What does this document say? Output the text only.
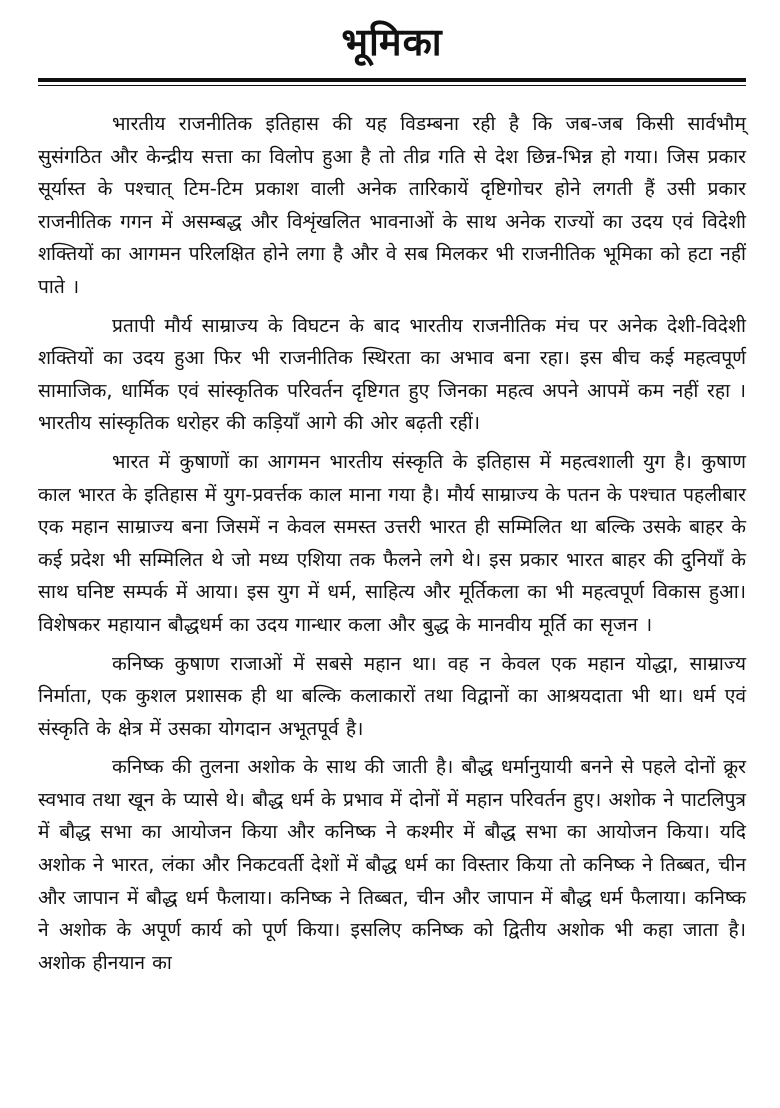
भूमिका

भारतीय राजनीतिक इतिहास की यह विडम्बना रही है कि जब-जब किसी सार्वभौम् सुसंगठित और केन्द्रीय सत्ता का विलोप हुआ है तो तीव्र गति से देश छिन्न-भिन्न हो गया। जिस प्रकार सूर्यास्त के पश्चात् टिम-टिम प्रकाश वाली अनेक तारिकायें दृष्टिगोचर होने लगती हैं उसी प्रकार राजनीतिक गगन में असम्बद्ध और विशृंखलित भावनाओं के साथ अनेक राज्यों का उदय एवं विदेशी शक्तियों का आगमन परिलक्षित होने लगा है और वे सब मिलकर भी राजनीतिक भूमिका को हटा नहीं पाते ।

प्रतापी मौर्य साम्राज्य के विघटन के बाद भारतीय राजनीतिक मंच पर अनेक देशी-विदेशी शक्तियों का उदय हुआ फिर भी राजनीतिक स्थिरता का अभाव बना रहा। इस बीच कई महत्वपूर्ण सामाजिक, धार्मिक एवं सांस्कृतिक परिवर्तन दृष्टिगत हुए जिनका महत्व अपने आपमें कम नहीं रहा । भारतीय सांस्कृतिक धरोहर की कड़ियाँ आगे की ओर बढ़ती रहीं।

भारत में कुषाणों का आगमन भारतीय संस्कृति के इतिहास में महत्वशाली युग है। कुषाण काल भारत के इतिहास में युग-प्रवर्त्तक काल माना गया है। मौर्य साम्राज्य के पतन के पश्चात पहलीबार एक महान साम्राज्य बना जिसमें न केवल समस्त उत्तरी भारत ही सम्मिलित था बल्कि उसके बाहर के कई प्रदेश भी सम्मिलित थे जो मध्य एशिया तक फैलने लगे थे। इस प्रकार भारत बाहर की दुनियाँ के साथ घनिष्ट सम्पर्क में आया। इस युग में धर्म, साहित्य और मूर्तिकला का भी महत्वपूर्ण विकास हुआ। विशेषकर महायान बौद्धधर्म का उदय गान्धार कला और बुद्ध के मानवीय मूर्ति का सृजन ।

कनिष्क कुषाण राजाओं में सबसे महान था। वह न केवल एक महान योद्धा, साम्राज्य निर्माता, एक कुशल प्रशासक ही था बल्कि कलाकारों तथा विद्वानों का आश्रयदाता भी था। धर्म एवं संस्कृति के क्षेत्र में उसका योगदान अभूतपूर्व है।

कनिष्क की तुलना अशोक के साथ की जाती है। बौद्ध धर्मानुयायी बनने से पहले दोनों क्रूर स्वभाव तथा खून के प्यासे थे। बौद्ध धर्म के प्रभाव में दोनों में महान परिवर्तन हुए। अशोक ने पाटलिपुत्र में बौद्ध सभा का आयोजन किया और कनिष्क ने कश्मीर में बौद्ध सभा का आयोजन किया। यदि अशोक ने भारत, लंका और निकटवर्ती देशों में बौद्ध धर्म का विस्तार किया तो कनिष्क ने तिब्बत, चीन और जापान में बौद्ध धर्म फैलाया। कनिष्क ने तिब्बत, चीन और जापान में बौद्ध धर्म फैलाया। कनिष्क ने अशोक के अपूर्ण कार्य को पूर्ण किया। इसलिए कनिष्क को द्वितीय अशोक भी कहा जाता है। अशोक हीनयान का
